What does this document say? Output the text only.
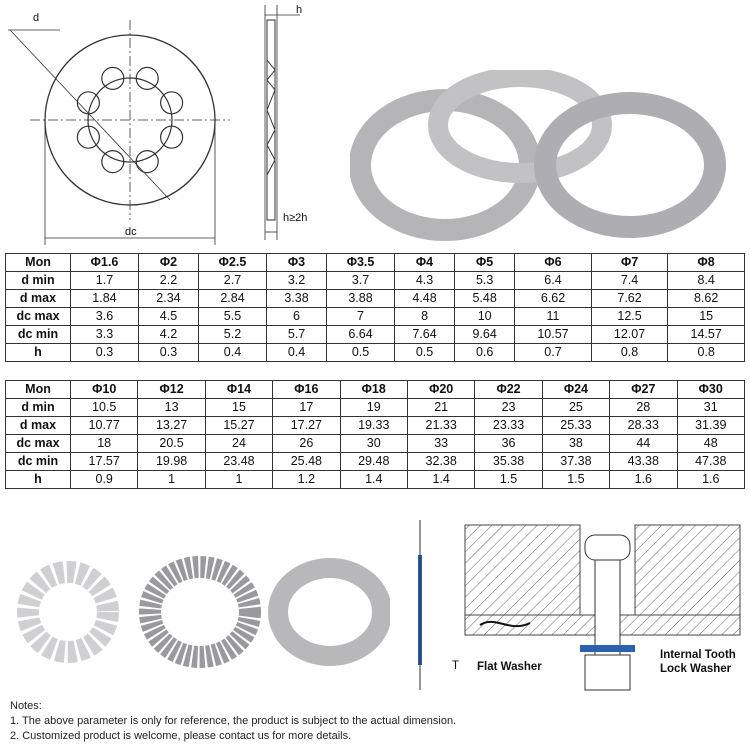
d
dc
h
h≥2h
Mon	Φ1.6	Φ2	Φ2.5	Φ3	Φ3.5	Φ4	Φ5	Φ6	Φ7	Φ8
d min	1.7	2.2	2.7	3.2	3.7	4.3	5.3	6.4	7.4	8.4
d max	1.84	2.34	2.84	3.38	3.88	4.48	5.48	6.62	7.62	8.62
dc max	3.6	4.5	5.5	6	7	8	10	11	12.5	15
dc min	3.3	4.2	5.2	5.7	6.64	7.64	9.64	10.57	12.07	14.57
h	0.3	0.3	0.4	0.4	0.5	0.5	0.6	0.7	0.8	0.8
Mon	Φ10	Φ12	Φ14	Φ16	Φ18	Φ20	Φ22	Φ24	Φ27	Φ30
d min	10.5	13	15	17	19	21	23	25	28	31
d max	10.77	13.27	15.27	17.27	19.33	21.33	23.33	25.33	28.33	31.39
dc max	18	20.5	24	26	30	33	36	38	44	48
dc min	17.57	19.98	23.48	25.48	29.48	32.38	35.38	37.38	43.38	47.38
h	0.9	1	1	1.2	1.4	1.4	1.5	1.5	1.6	1.6
T Flat Washer
Internal Tooth
Lock Washer
Notes:
1. The above parameter is only for reference, the product is subject to the actual dimension.
2. Customized product is welcome, please contact us for more details.
